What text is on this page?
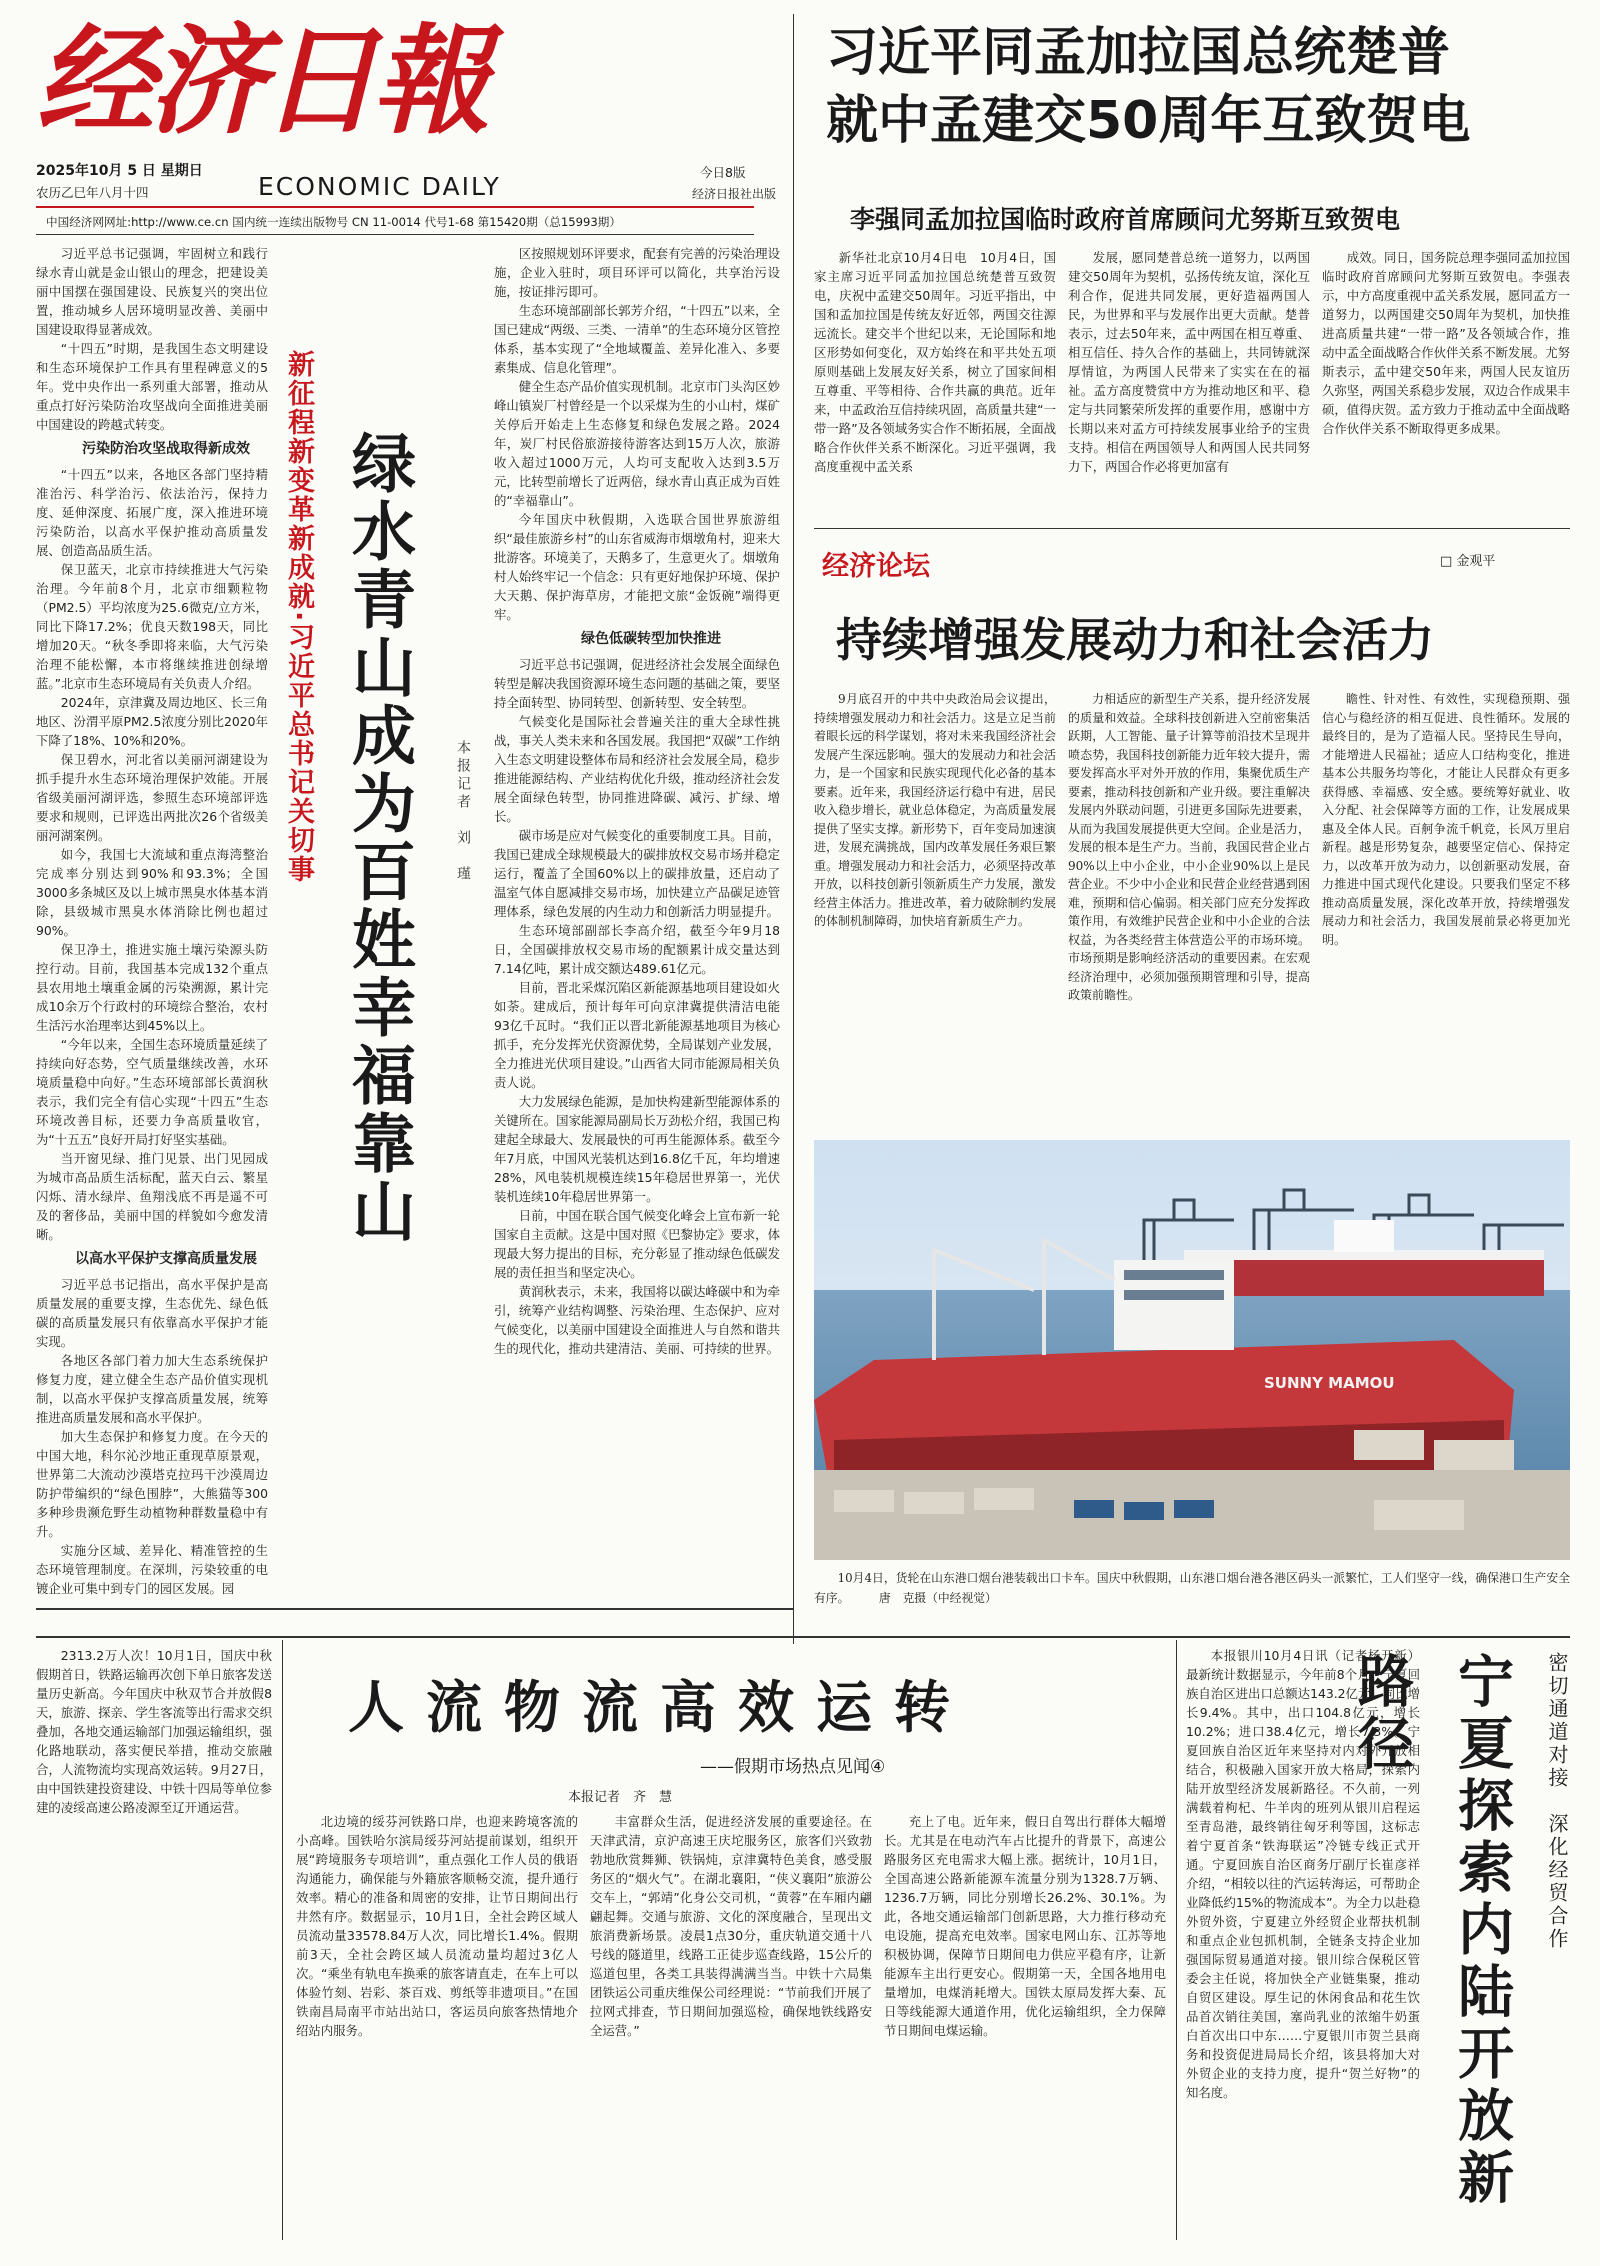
经济日報
2025年10月 5 日 星期日
农历乙巳年八月十四	ECONOMIC DAILY	今日8版
经济日报社出版
中国经济网网址:http://www.ce.cn 国内统一连续出版物号 CN 11-0014 代号1-68 第15420期（总15993期）
习近平同孟加拉国总统楚普
就中孟建交50周年互致贺电
李强同孟加拉国临时政府首席顾问尤努斯互致贺电

新华社北京10月4日电　10月4日，国家主席习近平同孟加拉国总统楚普互致贺电，庆祝中孟建交50周年。习近平指出，中国和孟加拉国是传统友好近邻，两国交往源远流长。建交半个世纪以来，无论国际和地区形势如何变化，双方始终在和平共处五项原则基础上发展友好关系，树立了国家间相互尊重、平等相待、合作共赢的典范。近年来，中孟政治互信持续巩固，高质量共建“一带一路”及各领域务实合作不断拓展，全面战略合作伙伴关系不断深化。习近平强调，我高度重视中孟关系

发展，愿同楚普总统一道努力，以两国建交50周年为契机，弘扬传统友谊，深化互利合作，促进共同发展，更好造福两国人民，为世界和平与发展作出更大贡献。楚普表示，过去50年来，孟中两国在相互尊重、相互信任、持久合作的基础上，共同铸就深厚情谊，为两国人民带来了实实在在的福祉。孟方高度赞赏中方为推动地区和平、稳定与共同繁荣所发挥的重要作用，感谢中方长期以来对孟方可持续发展事业给予的宝贵支持。相信在两国领导人和两国人民共同努力下，两国合作必将更加富有

成效。同日，国务院总理李强同孟加拉国临时政府首席顾问尤努斯互致贺电。李强表示，中方高度重视中孟关系发展，愿同孟方一道努力，以两国建交50周年为契机，加快推进高质量共建“一带一路”及各领域合作，推动中孟全面战略合作伙伴关系不断发展。尤努斯表示，孟中建交50年来，两国人民友谊历久弥坚，两国关系稳步发展，双边合作成果丰硕，值得庆贺。孟方致力于推动孟中全面战略合作伙伴关系不断取得更多成果。

习近平总书记强调，牢固树立和践行绿水青山就是金山银山的理念，把建设美丽中国摆在强国建设、民族复兴的突出位置，推动城乡人居环境明显改善、美丽中国建设取得显著成效。

“十四五”时期，是我国生态文明建设和生态环境保护工作具有里程碑意义的5年。党中央作出一系列重大部署，推动从重点打好污染防治攻坚战向全面推进美丽中国建设的跨越式转变。

污染防治攻坚战取得新成效

“十四五”以来，各地区各部门坚持精准治污、科学治污、依法治污，保持力度、延伸深度、拓展广度，深入推进环境污染防治，以高水平保护推动高质量发展、创造高品质生活。

保卫蓝天，北京市持续推进大气污染治理。今年前8个月，北京市细颗粒物（PM2.5）平均浓度为25.6微克/立方米，同比下降17.2%；优良天数198天，同比增加20天。“秋冬季即将来临，大气污染治理不能松懈，本市将继续推进创绿增蓝。”北京市生态环境局有关负责人介绍。

2024年，京津冀及周边地区、长三角地区、汾渭平原PM2.5浓度分别比2020年下降了18%、10%和20%。

保卫碧水，河北省以美丽河湖建设为抓手提升水生态环境治理保护效能。开展省级美丽河湖评选，参照生态环境部评选要求和规则，已评选出两批次26个省级美丽河湖案例。

如今，我国七大流域和重点海湾整治完成率分别达到90%和93.3%；全国3000多条城区及以上城市黑臭水体基本消除，县级城市黑臭水体消除比例也超过90%。

保卫净土，推进实施土壤污染源头防控行动。目前，我国基本完成132个重点县农用地土壤重金属的污染溯源，累计完成10余万个行政村的环境综合整治，农村生活污水治理率达到45%以上。

“今年以来，全国生态环境质量延续了持续向好态势，空气质量继续改善，水环境质量稳中向好。”生态环境部部长黄润秋表示，我们完全有信心实现“十四五”生态环境改善目标，还要力争高质量收官，为“十五五”良好开局打好坚实基础。

当开窗见绿、推门见景、出门见园成为城市高品质生活标配，蓝天白云、繁星闪烁、清水绿岸、鱼翔浅底不再是遥不可及的奢侈品，美丽中国的样貌如今愈发清晰。

以高水平保护支撑高质量发展

习近平总书记指出，高水平保护是高质量发展的重要支撑，生态优先、绿色低碳的高质量发展只有依靠高水平保护才能实现。

各地区各部门着力加大生态系统保护修复力度，建立健全生态产品价值实现机制，以高水平保护支撑高质量发展，统筹推进高质量发展和高水平保护。

加大生态保护和修复力度。在今天的中国大地，科尔沁沙地正重现草原景观，世界第二大流动沙漠塔克拉玛干沙漠周边防护带编织的“绿色围脖”，大熊猫等300多种珍贵濒危野生动植物种群数量稳中有升。

实施分区域、差异化、精准管控的生态环境管理制度。在深圳，污染较重的电镀企业可集中到专门的园区发展。园

新征程新变革新成就·习近平总书记关切事 绿水青山成为百姓幸福靠山	本报记者　刘　瑾

区按照规划环评要求，配套有完善的污染治理设施，企业入驻时，项目环评可以简化，共享治污设施，按证排污即可。

生态环境部副部长郭芳介绍，“十四五”以来，全国已建成“两级、三类、一清单”的生态环境分区管控体系，基本实现了“全地域覆盖、差异化准入、多要素集成、信息化管理”。

健全生态产品价值实现机制。北京市门头沟区妙峰山镇炭厂村曾经是一个以采煤为生的小山村，煤矿关停后开始走上生态修复和绿色发展之路。2024年，炭厂村民俗旅游接待游客达到15万人次，旅游收入超过1000万元，人均可支配收入达到3.5万元，比转型前增长了近两倍，绿水青山真正成为百姓的“幸福靠山”。

今年国庆中秋假期，入选联合国世界旅游组织“最佳旅游乡村”的山东省威海市烟墩角村，迎来大批游客。环境美了，天鹅多了，生意更火了。烟墩角村人始终牢记一个信念：只有更好地保护环境、保护大天鹅、保护海草房，才能把文旅“金饭碗”端得更牢。

绿色低碳转型加快推进

习近平总书记强调，促进经济社会发展全面绿色转型是解决我国资源环境生态问题的基础之策，要坚持全面转型、协同转型、创新转型、安全转型。

气候变化是国际社会普遍关注的重大全球性挑战，事关人类未来和各国发展。我国把“双碳”工作纳入生态文明建设整体布局和经济社会发展全局，稳步推进能源结构、产业结构优化升级，推动经济社会发展全面绿色转型，协同推进降碳、减污、扩绿、增长。

碳市场是应对气候变化的重要制度工具。目前，我国已建成全球规模最大的碳排放权交易市场并稳定运行，覆盖了全国60%以上的碳排放量，还启动了温室气体自愿减排交易市场，加快建立产品碳足迹管理体系，绿色发展的内生动力和创新活力明显提升。

生态环境部副部长李高介绍，截至今年9月18日，全国碳排放权交易市场的配额累计成交量达到7.14亿吨，累计成交额达489.61亿元。

目前，晋北采煤沉陷区新能源基地项目建设如火如荼。建成后，预计每年可向京津冀提供清洁电能93亿千瓦时。“我们正以晋北新能源基地项目为核心抓手，充分发挥光伏资源优势，全局谋划产业发展，全力推进光伏项目建设。”山西省大同市能源局相关负责人说。

大力发展绿色能源，是加快构建新型能源体系的关键所在。国家能源局副局长万劲松介绍，我国已构建起全球最大、发展最快的可再生能源体系。截至今年7月底，中国风光装机达到16.8亿千瓦，年均增速28%，风电装机规模连续15年稳居世界第一，光伏装机连续10年稳居世界第一。

日前，中国在联合国气候变化峰会上宣布新一轮国家自主贡献。这是中国对照《巴黎协定》要求，体现最大努力提出的目标，充分彰显了推动绿色低碳发展的责任担当和坚定决心。

黄润秋表示，未来，我国将以碳达峰碳中和为牵引，统筹产业结构调整、污染治理、生态保护、应对气候变化，以美丽中国建设全面推进人与自然和谐共生的现代化，推动共建清洁、美丽、可持续的世界。

经济论坛	□ 金观平
持续增强发展动力和社会活力

9月底召开的中共中央政治局会议提出，持续增强发展动力和社会活力。这是立足当前着眼长远的科学谋划，将对未来我国经济社会发展产生深远影响。强大的发展动力和社会活力，是一个国家和民族实现现代化必备的基本要素。近年来，我国经济运行稳中有进，居民收入稳步增长，就业总体稳定，为高质量发展提供了坚实支撑。新形势下，百年变局加速演进，发展充满挑战，国内改革发展任务艰巨繁重。增强发展动力和社会活力，必须坚持改革开放，以科技创新引领新质生产力发展，激发经营主体活力。推进改革，着力破除制约发展的体制机制障碍，加快培育新质生产力。

力相适应的新型生产关系，提升经济发展的质量和效益。全球科技创新进入空前密集活跃期，人工智能、量子计算等前沿技术呈现井喷态势，我国科技创新能力近年较大提升，需要发挥高水平对外开放的作用，集聚优质生产要素，推动科技创新和产业升级。要注重解决发展内外联动问题，引进更多国际先进要素，从而为我国发展提供更大空间。企业是活力，发展的根本是生产力。当前，我国民营企业占90%以上中小企业，中小企业90%以上是民营企业。不少中小企业和民营企业经营遇到困难，预期和信心偏弱。相关部门应充分发挥政策作用，有效维护民营企业和中小企业的合法权益，为各类经营主体营造公平的市场环境。市场预期是影响经济活动的重要因素。在宏观经济治理中，必须加强预期管理和引导，提高政策前瞻性。

瞻性、针对性、有效性，实现稳预期、强信心与稳经济的相互促进、良性循环。发展的最终目的，是为了造福人民。坚持民生导向，才能增进人民福祉；适应人口结构变化，推进基本公共服务均等化，才能让人民群众有更多获得感、幸福感、安全感。要统筹好就业、收入分配、社会保障等方面的工作，让发展成果惠及全体人民。百舸争流千帆竞，长风万里启新程。越是形势复杂，越要坚定信心、保持定力，以改革开放为动力，以创新驱动发展，奋力推进中国式现代化建设。只要我们坚定不移推动高质量发展，深化改革开放，持续增强发展动力和社会活力，我国发展前景必将更加光明。

SUNNY MAMOU

10月4日，货轮在山东港口烟台港装载出口卡车。国庆中秋假期，山东港口烟台港各港区码头一派繁忙，工人们坚守一线，确保港口生产安全有序。　　　唐　克摄（中经视觉）

2313.2万人次！10月1日，国庆中秋假期首日，铁路运输再次创下单日旅客发送量历史新高。今年国庆中秋双节合并放假8天，旅游、探亲、学生客流等出行需求交织叠加，各地交通运输部门加强运输组织，强化路地联动，落实便民举措，推动交旅融合，人流物流均实现高效运转。9月27日，由中国铁建投资建设、中铁十四局等单位参建的凌绥高速公路凌源至辽开通运营。

人流物流高效运转
——假期市场热点见闻④
本报记者　齐　慧

北边境的绥芬河铁路口岸，也迎来跨境客流的小高峰。国铁哈尔滨局绥芬河站提前谋划，组织开展“跨境服务专项培训”，重点强化工作人员的俄语沟通能力，确保能与外籍旅客顺畅交流，提升通行效率。精心的准备和周密的安排，让节日期间出行井然有序。数据显示，10月1日，全社会跨区域人员流动量33578.84万人次，同比增长1.4%。假期前3天，全社会跨区域人员流动量均超过3亿人次。“乘坐有轨电车换乘的旅客请直走，在车上可以体验竹刻、岩彩、茶百戏、剪纸等非遗项目。”在国铁南昌局南平市站出站口，客运员向旅客热情地介绍站内服务。

丰富群众生活，促进经济发展的重要途径。在天津武清，京沪高速王庆坨服务区，旅客们兴致勃勃地欣赏舞狮、铁锅炖，京津冀特色美食，感受服务区的“烟火气”。在湖北襄阳，“侠义襄阳”旅游公交车上，“郭靖”化身公交司机，“黄蓉”在车厢内翩翩起舞。交通与旅游、文化的深度融合，呈现出文旅消费新场景。凌晨1点30分，重庆轨道交通十八号线的隧道里，线路工正徒步巡查线路，15公斤的巡道包里，各类工具装得满满当当。中铁十六局集团铁运公司重庆维保公司经理说：“节前我们开展了拉网式排查，节日期间加强巡检，确保地铁线路安全运营。”

充上了电。近年来，假日自驾出行群体大幅增长。尤其是在电动汽车占比提升的背景下，高速公路服务区充电需求大幅上涨。据统计，10月1日，全国高速公路新能源车流量分别为1328.7万辆、1236.7万辆，同比分别增长26.2%、30.1%。为此，各地交通运输部门创新思路，大力推行移动充电设施，提高充电效率。国家电网山东、江苏等地积极协调，保障节日期间电力供应平稳有序，让新能源车主出行更安心。假期第一天，全国各地用电量增加，电煤消耗增大。国铁太原局发挥大秦、瓦日等线能源大通道作用，优化运输组织，全力保障节日期间电煤运输。

本报银川10月4日讯（记者杨开新）最新统计数据显示，今年前8个月，宁夏回族自治区进出口总额达143.2亿元，同比增长9.4%。其中，出口104.8亿元，增长10.2%；进口38.4亿元，增长7.3%。宁夏回族自治区近年来坚持对内对外开放相结合，积极融入国家开放大格局，探索内陆开放型经济发展新路径。不久前，一列满载着枸杞、牛羊肉的班列从银川启程运至青岛港，最终销往匈牙利等国，这标志着宁夏首条“铁海联运”冷链专线正式开通。宁夏回族自治区商务厅副厅长崔彦祥介绍，“相较以往的汽运转海运，可帮助企业降低约15%的物流成本”。为全力以赴稳外贸外资，宁夏建立外经贸企业帮扶机制和重点企业包抓机制，全链条支持企业加强国际贸易通道对接。银川综合保税区管委会主任说，将加快全产业链集聚，推动自贸区建设。厚生记的休闲食品和花生饮品首次销往美国，塞尚乳业的浓缩牛奶蛋白首次出口中东……宁夏银川市贺兰县商务和投资促进局局长介绍，该县将加大对外贸企业的支持力度，提升“贺兰好物”的知名度。

密切通道对接　深化经贸合作
宁夏探索内陆开放新路径
